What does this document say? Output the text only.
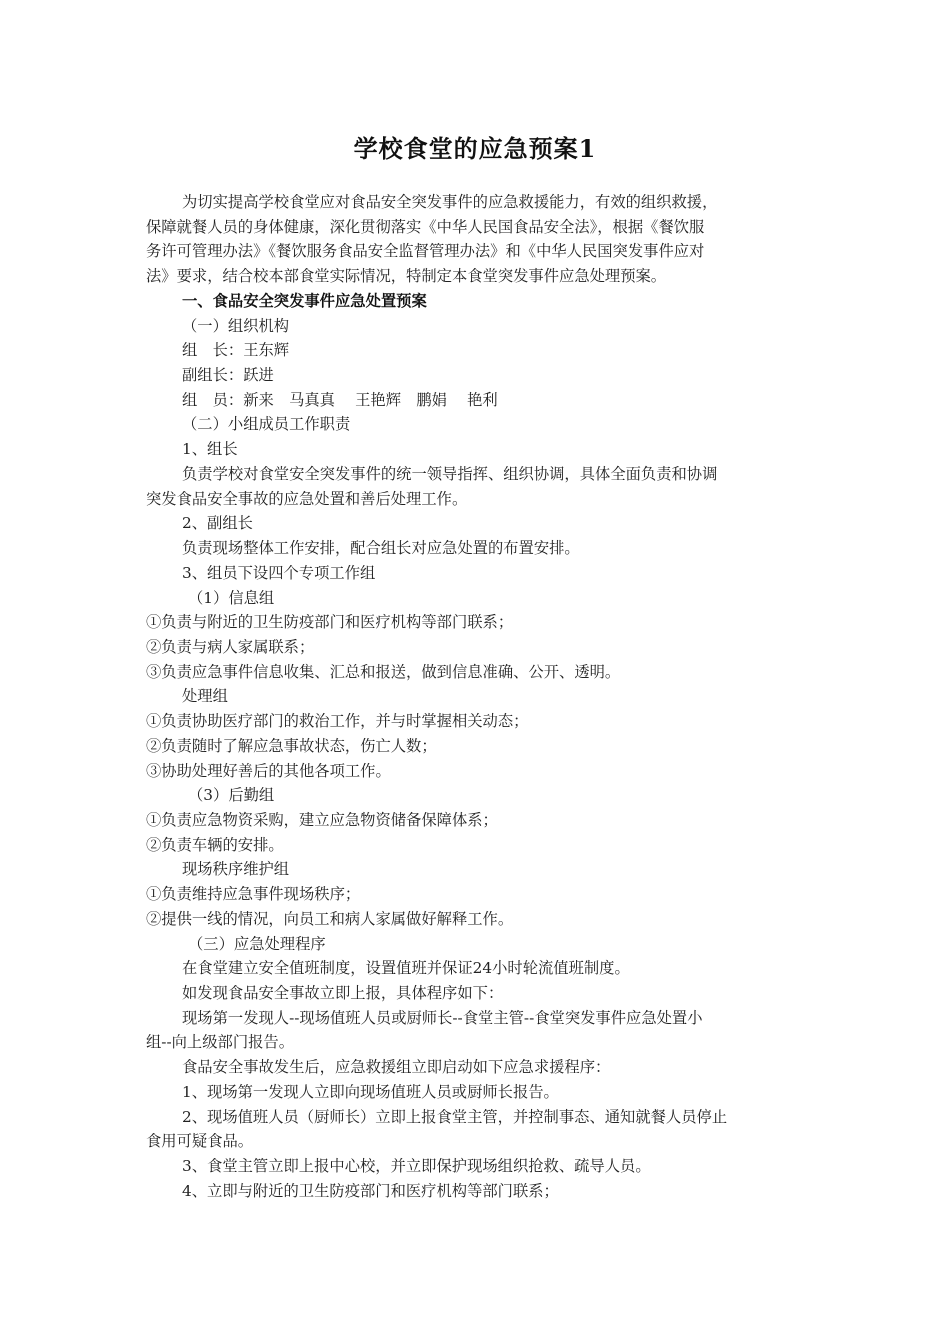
学校食堂的应急预案1
为切实提高学校食堂应对食品安全突发事件的应急救援能力，有效的组织救援，
保障就餐人员的身体健康，深化贯彻落实《中华人民国食品安全法》，根据《餐饮服
务许可管理办法》《餐饮服务食品安全监督管理办法》和《中华人民国突发事件应对
法》要求，结合校本部食堂实际情况，特制定本食堂突发事件应急处理预案。
一、食品安全突发事件应急处置预案
（一）组织机构
组　长：王东辉
副组长：跃进
组　员：新来　马真真　 王艳辉　鹏娟　 艳利
（二）小组成员工作职责
1、组长
负责学校对食堂安全突发事件的统一领导指挥、组织协调，具体全面负责和协调
突发食品安全事故的应急处置和善后处理工作。
2、副组长
负责现场整体工作安排，配合组长对应急处置的布置安排。
3、组员下设四个专项工作组
（1）信息组
①负责与附近的卫生防疫部门和医疗机构等部门联系；
②负责与病人家属联系；
③负责应急事件信息收集、汇总和报送，做到信息准确、公开、透明。
处理组
①负责协助医疗部门的救治工作，并与时掌握相关动态；
②负责随时了解应急事故状态，伤亡人数；
③协助处理好善后的其他各项工作。
（3）后勤组
①负责应急物资采购，建立应急物资储备保障体系；
②负责车辆的安排。
现场秩序维护组
①负责维持应急事件现场秩序；
②提供一线的情况，向员工和病人家属做好解释工作。
（三）应急处理程序
在食堂建立安全值班制度，设置值班并保证24小时轮流值班制度。
如发现食品安全事故立即上报，具体程序如下：
现场第一发现人--现场值班人员或厨师长--食堂主管--食堂突发事件应急处置小
组--向上级部门报告。
食品安全事故发生后，应急救援组立即启动如下应急求援程序：
1、现场第一发现人立即向现场值班人员或厨师长报告。
2、现场值班人员（厨师长）立即上报食堂主管，并控制事态、通知就餐人员停止
食用可疑食品。
3、食堂主管立即上报中心校，并立即保护现场组织抢救、疏导人员。
4、立即与附近的卫生防疫部门和医疗机构等部门联系；
